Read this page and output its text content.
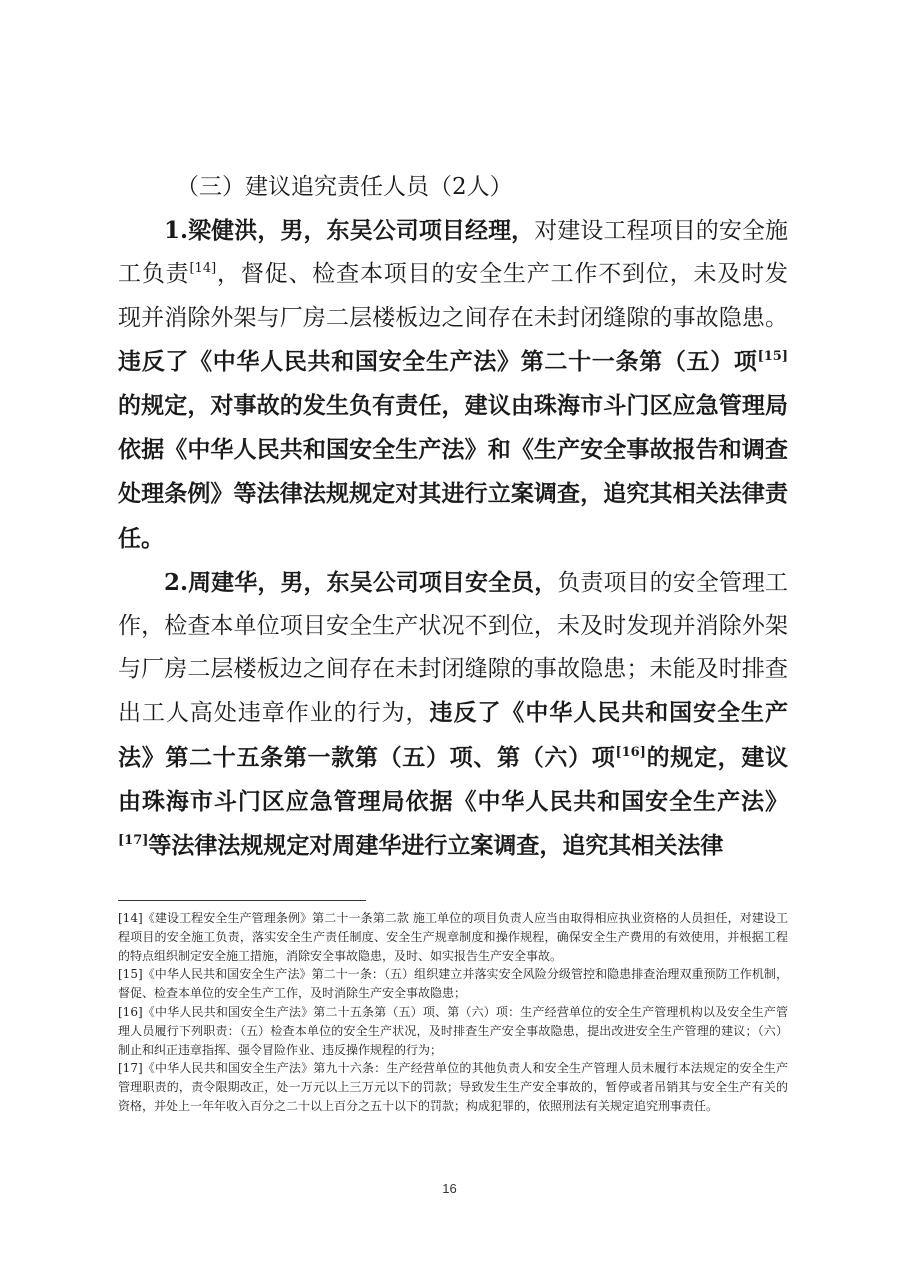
（三）建议追究责任人员（2人）

1.梁健洪，男，东吴公司项目经理，对建设工程项目的安全施工负责[14]，督促、检查本项目的安全生产工作不到位，未及时发现并消除外架与厂房二层楼板边之间存在未封闭缝隙的事故隐患。违反了《中华人民共和国安全生产法》第二十一条第（五）项[15]的规定，对事故的发生负有责任，建议由珠海市斗门区应急管理局依据《中华人民共和国安全生产法》和《生产安全事故报告和调查处理条例》等法律法规规定对其进行立案调查，追究其相关法律责任。

2.周建华，男，东吴公司项目安全员，负责项目的安全管理工作，检查本单位项目安全生产状况不到位，未及时发现并消除外架与厂房二层楼板边之间存在未封闭缝隙的事故隐患；未能及时排查出工人高处违章作业的行为，违反了《中华人民共和国安全生产法》第二十五条第一款第（五）项、第（六）项[16]的规定，建议由珠海市斗门区应急管理局依据《中华人民共和国安全生产法》[17]等法律法规规定对周建华进行立案调查，追究其相关法律

[14]《建设工程安全生产管理条例》第二十一条第二款 施工单位的项目负责人应当由取得相应执业资格的人员担任，对建设工程项目的安全施工负责，落实安全生产责任制度、安全生产规章制度和操作规程，确保安全生产费用的有效使用，并根据工程的特点组织制定安全施工措施，消除安全事故隐患，及时、如实报告生产安全事故。

[15]《中华人民共和国安全生产法》第二十一条：（五）组织建立并落实安全风险分级管控和隐患排查治理双重预防工作机制，督促、检查本单位的安全生产工作，及时消除生产安全事故隐患；

[16]《中华人民共和国安全生产法》第二十五条第（五）项、第（六）项：生产经营单位的安全生产管理机构以及安全生产管理人员履行下列职责：（五）检查本单位的安全生产状况，及时排查生产安全事故隐患，提出改进安全生产管理的建议；（六）制止和纠正违章指挥、强令冒险作业、违反操作规程的行为；

[17]《中华人民共和国安全生产法》第九十六条：生产经营单位的其他负责人和安全生产管理人员未履行本法规定的安全生产管理职责的，责令限期改正，处一万元以上三万元以下的罚款；导致发生生产安全事故的，暂停或者吊销其与安全生产有关的资格，并处上一年年收入百分之二十以上百分之五十以下的罚款；构成犯罪的，依照刑法有关规定追究刑事责任。

16
